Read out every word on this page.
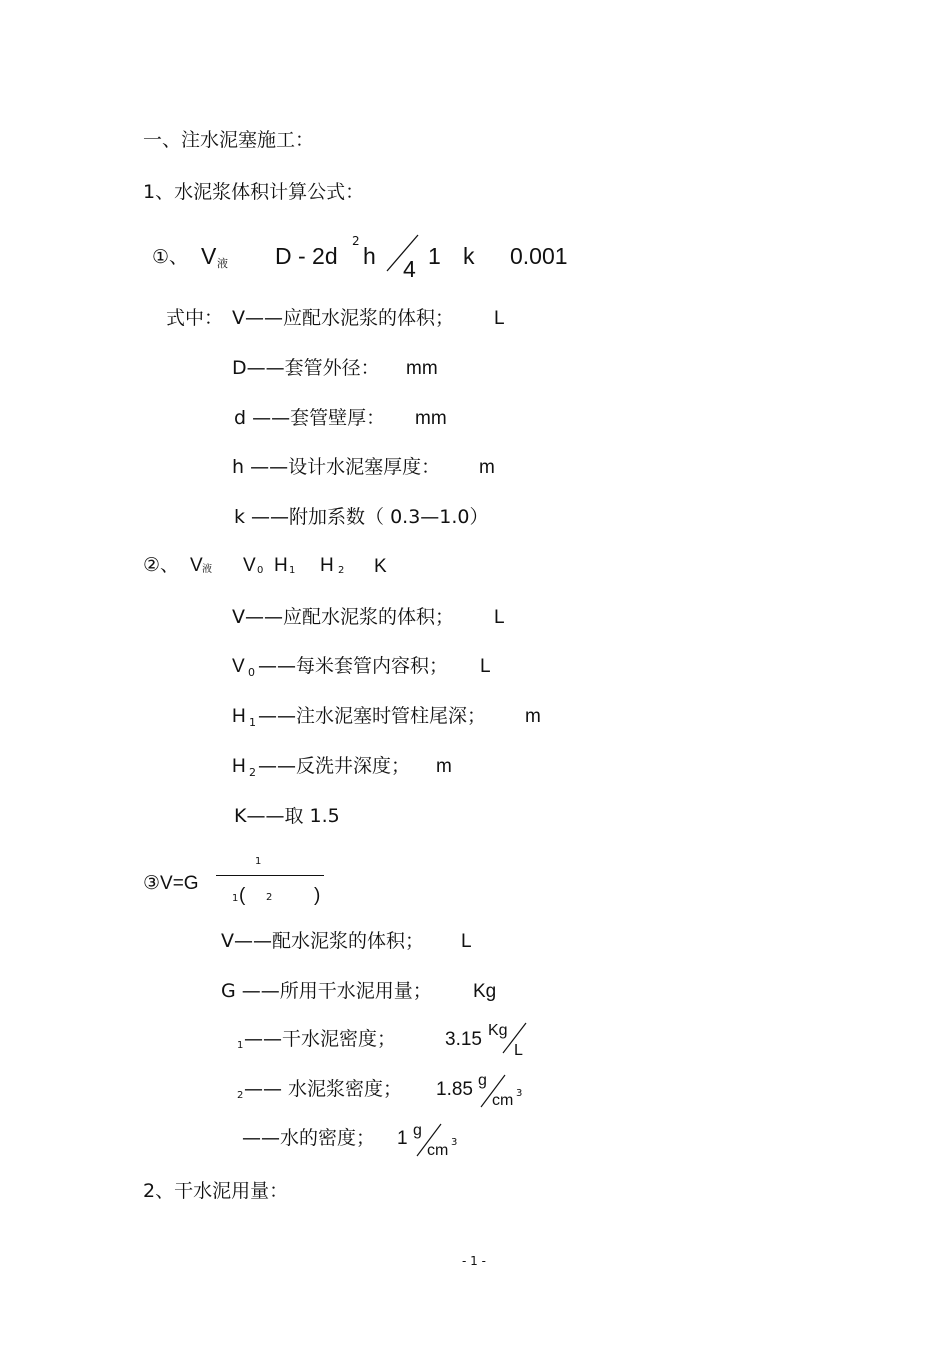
一、注水泥塞施工：
1、水泥浆体积计算公式：
①、 V 液 D - 2d
2
h 4 1 k 0.001
式中： V——应配水泥浆的体积； L
D——套管外径： mm
d ——套管壁厚： mm
h ——设计水泥塞厚度： m
k ——附加系数（ 0.3—1.0）
②、 V 液 V 0 H 1 H 2 K
V——应配水泥浆的体积； L
V 0 ——每米套管内容积； L
H 1 ——注水泥塞时管柱尾深； m
H 2 ——反洗井深度； m
K——取 1.5
③V=G
1
1 ( 2 )
V——配水泥浆的体积； L
G ——所用干水泥用量； Kg
1 ——干水泥密度；	3.15 Kg
L
2 —— 水泥浆密度； 1.85 g
cm 3
——水的密度； 1 g
cm 3
2、干水泥用量：
- 1 -
